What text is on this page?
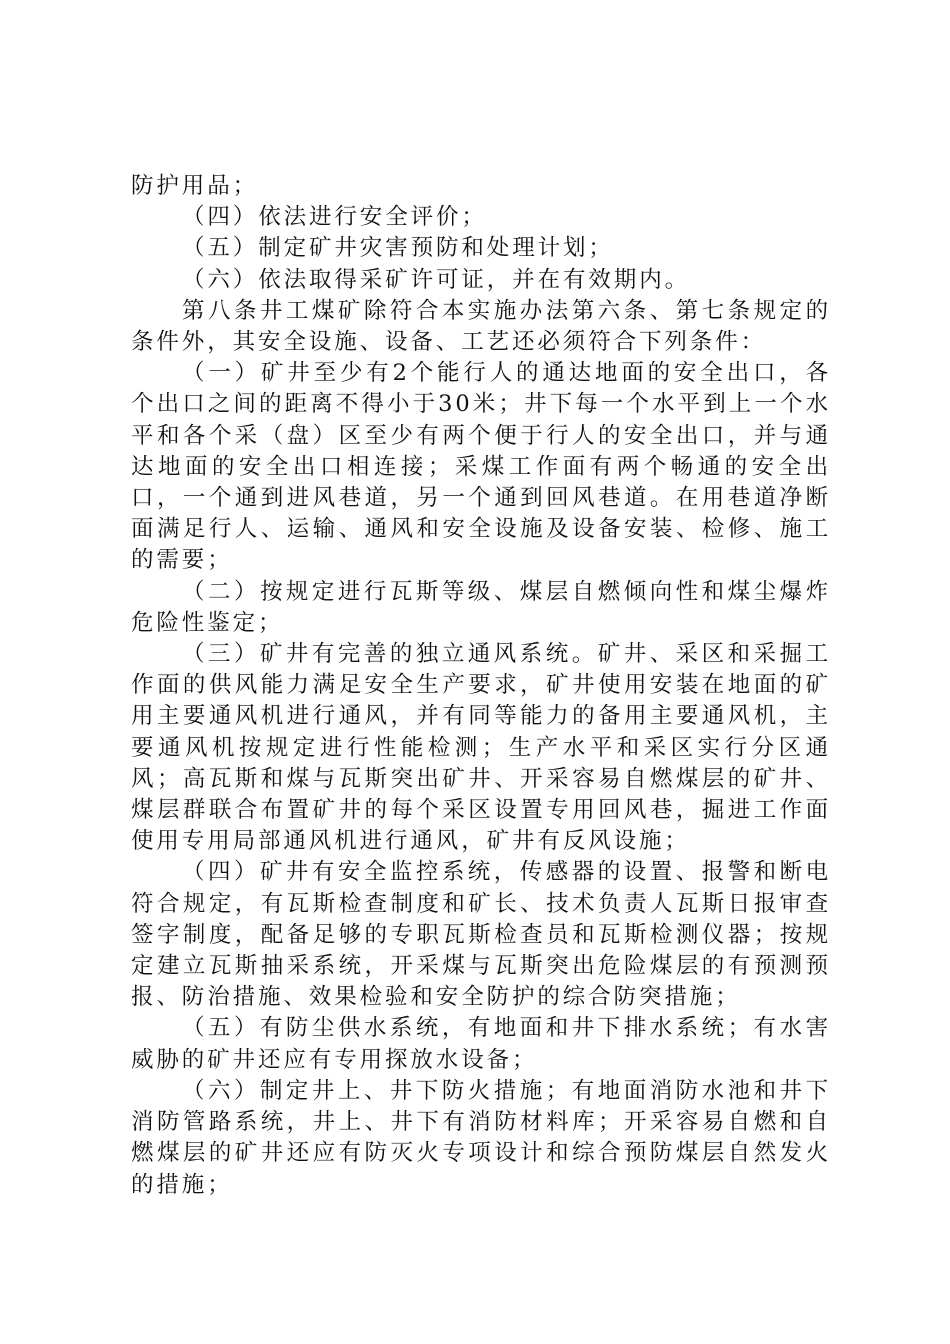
防护用品；

（四）依法进行安全评价；

（五）制定矿井灾害预防和处理计划；

（六）依法取得采矿许可证，并在有效期内。

第八条井工煤矿除符合本实施办法第六条、第七条规定的条件外，其安全设施、设备、工艺还必须符合下列条件：

（一）矿井至少有2个能行人的通达地面的安全出口，各个出口之间的距离不得小于30米；井下每一个水平到上一个水平和各个采（盘）区至少有两个便于行人的安全出口，并与通达地面的安全出口相连接；采煤工作面有两个畅通的安全出口，一个通到进风巷道，另一个通到回风巷道。在用巷道净断面满足行人、运输、通风和安全设施及设备安装、检修、施工的需要；

（二）按规定进行瓦斯等级、煤层自燃倾向性和煤尘爆炸危险性鉴定；

（三）矿井有完善的独立通风系统。矿井、采区和采掘工作面的供风能力满足安全生产要求，矿井使用安装在地面的矿用主要通风机进行通风，并有同等能力的备用主要通风机，主要通风机按规定进行性能检测；生产水平和采区实行分区通风；高瓦斯和煤与瓦斯突出矿井、开采容易自燃煤层的矿井、煤层群联合布置矿井的每个采区设置专用回风巷，掘进工作面使用专用局部通风机进行通风，矿井有反风设施；

（四）矿井有安全监控系统，传感器的设置、报警和断电符合规定，有瓦斯检查制度和矿长、技术负责人瓦斯日报审查签字制度，配备足够的专职瓦斯检查员和瓦斯检测仪器；按规定建立瓦斯抽采系统，开采煤与瓦斯突出危险煤层的有预测预报、防治措施、效果检验和安全防护的综合防突措施；

（五）有防尘供水系统，有地面和井下排水系统；有水害威胁的矿井还应有专用探放水设备；

（六）制定井上、井下防火措施；有地面消防水池和井下消防管路系统，井上、井下有消防材料库；开采容易自燃和自燃煤层的矿井还应有防灭火专项设计和综合预防煤层自然发火的措施；
